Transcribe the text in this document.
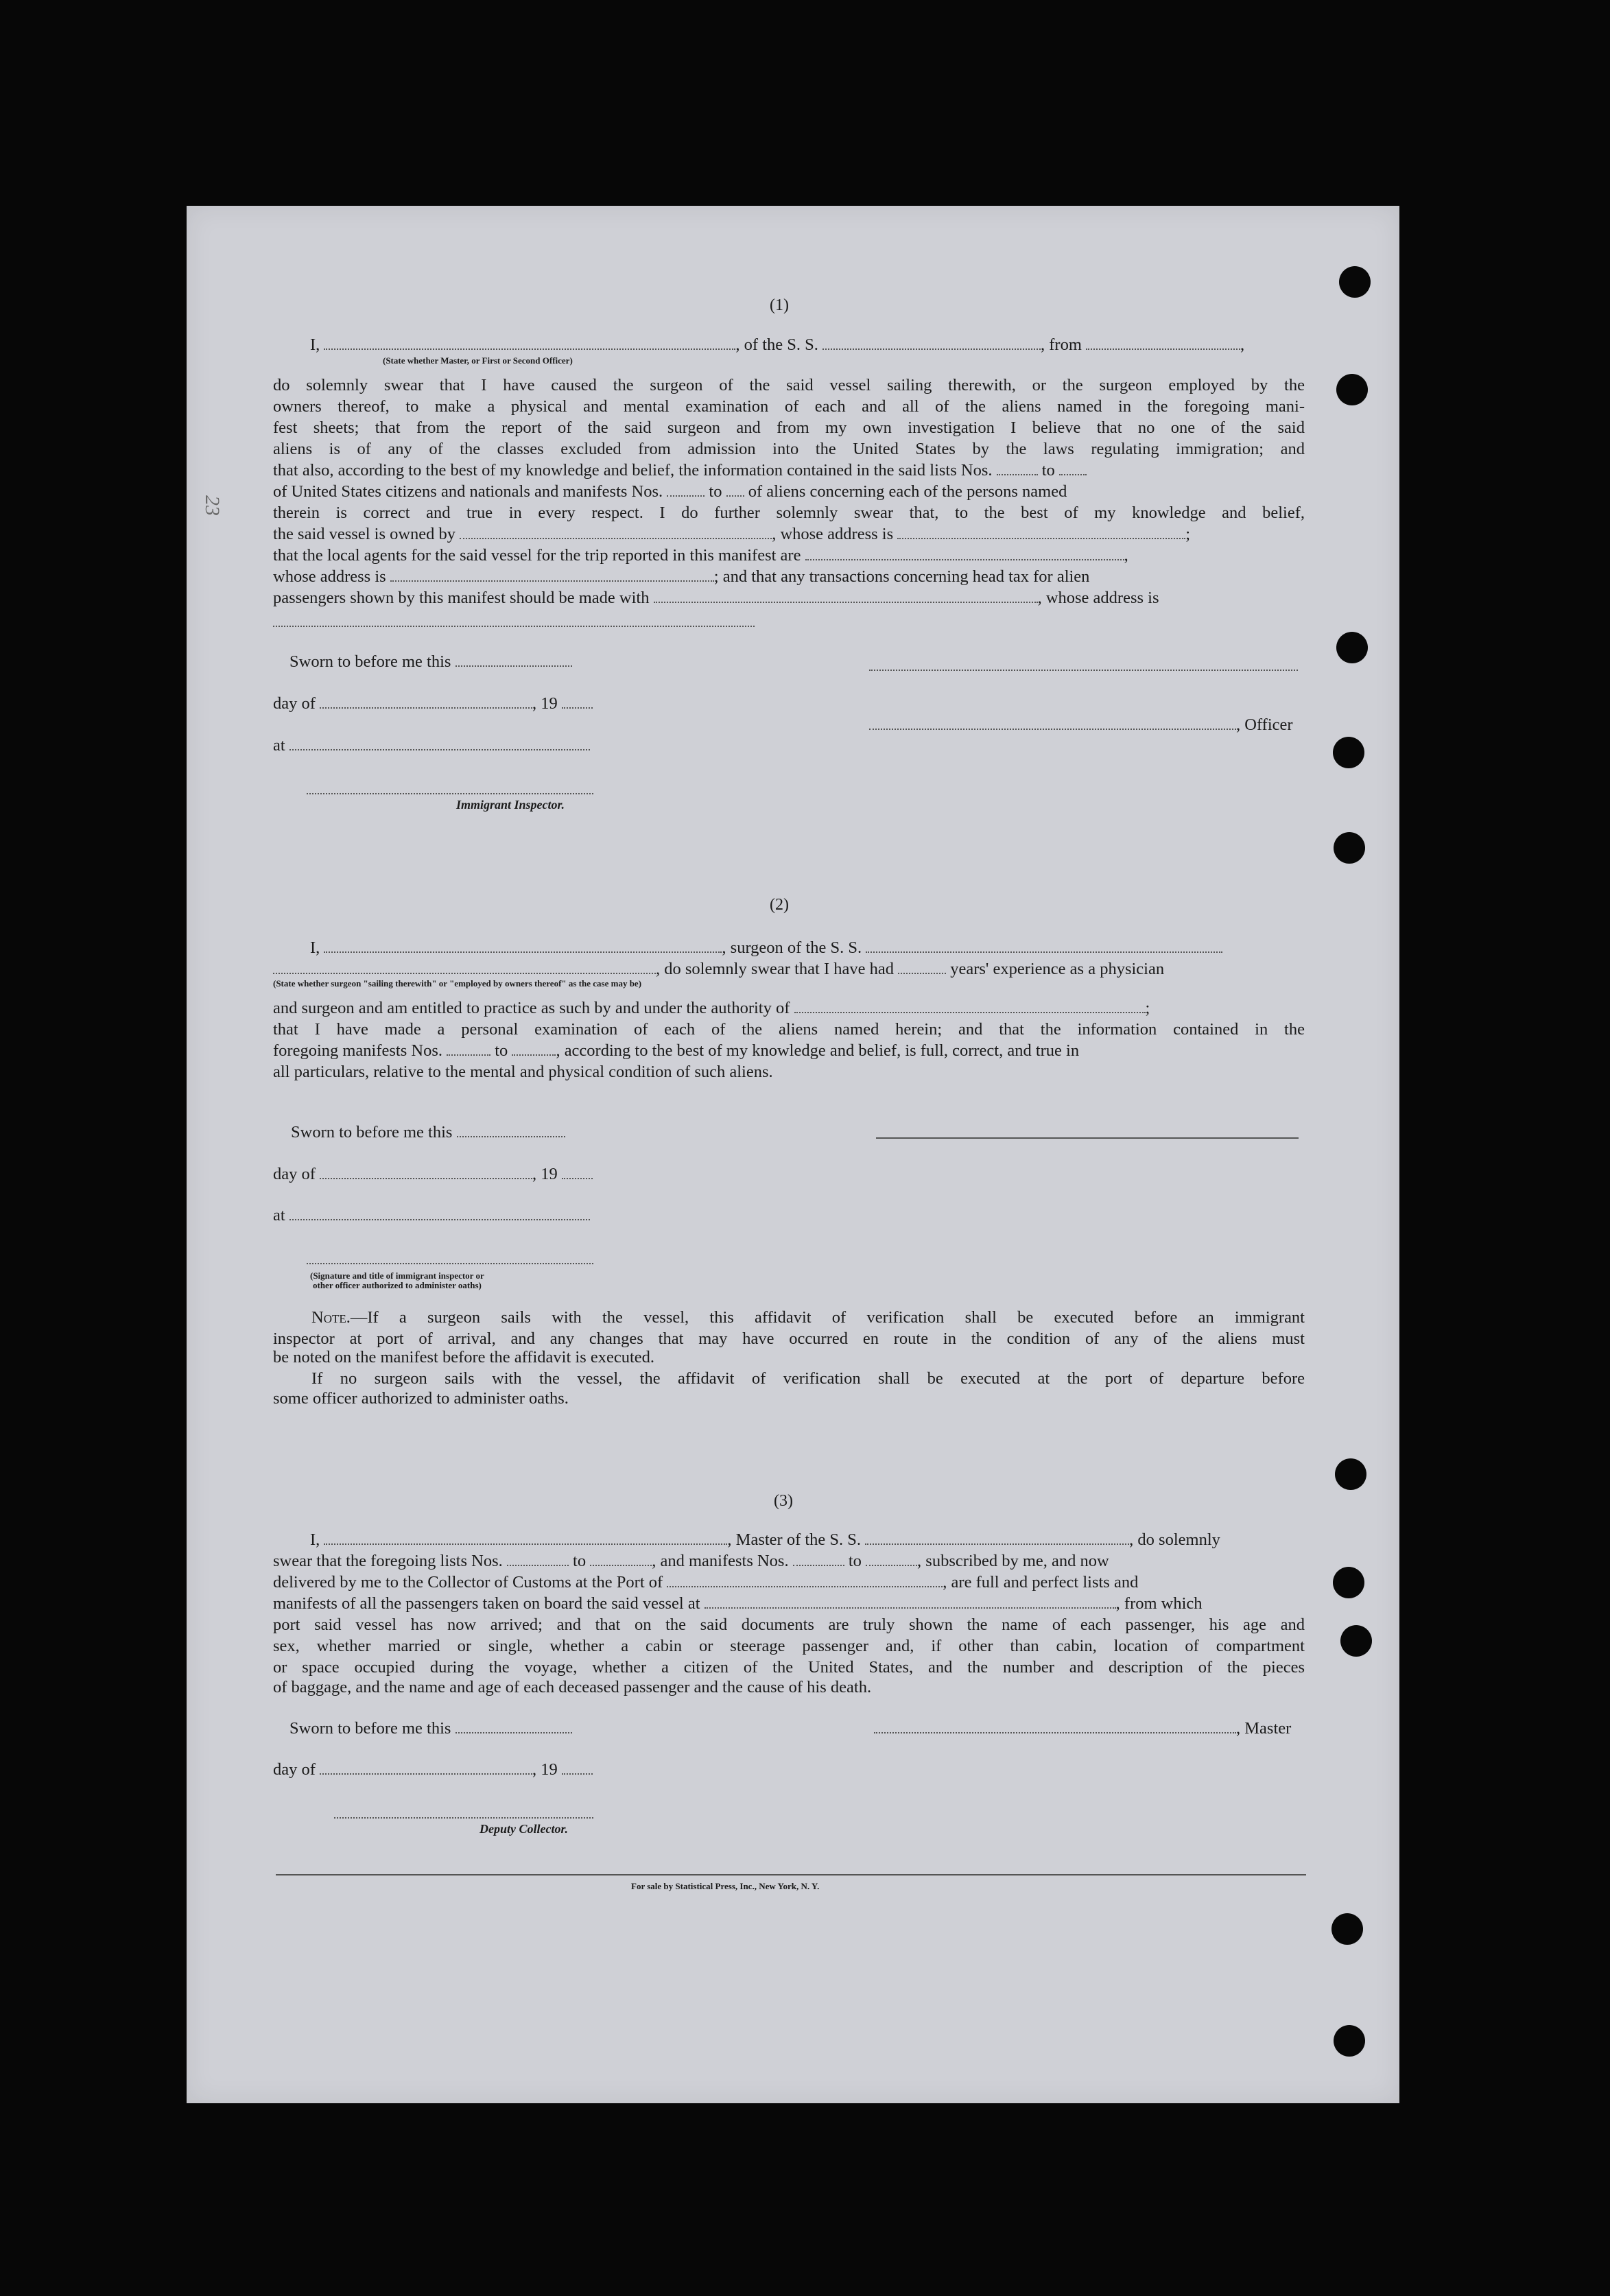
23
(1)
I,	, of the S. S.	, from	,
(State whether Master, or First or Second Officer)
do solemnly swear that I have caused the surgeon of the said vessel sailing therewith, or the surgeon employed by the
owners thereof, to make a physical and mental examination of each and all of the aliens named in the foregoing mani-
fest sheets; that from the report of the said surgeon and from my own investigation I believe that no one of the said
aliens is of any of the classes excluded from admission into the United States by the laws regulating immigration; and
that also, according to the best of my knowledge and belief, the information contained in the said lists Nos.	to
of United States citizens and nationals and manifests Nos.	to of aliens concerning each of the persons named
therein is correct and true in every respect. I do further solemnly swear that, to the best of my knowledge and belief,
the said vessel is owned by	, whose address is	;
that the local agents for the said vessel for the trip reported in this manifest are	,
whose address is	; and that any transactions concerning head tax for alien
passengers shown by this manifest should be made with	, whose address is
Sworn to before me this
day of	, 19
, Officer
at
Immigrant Inspector.
(2)
I,	, surgeon of the S. S.
, do solemnly swear that I have had	years' experience as a physician
(State whether surgeon "sailing therewith" or "employed by owners thereof" as the case may be)
and surgeon and am entitled to practice as such by and under the authority of	;
that I have made a personal examination of each of the aliens named herein; and that the information contained in the
foregoing manifests Nos.	to	, according to the best of my knowledge and belief, is full, correct, and true in
all particulars, relative to the mental and physical condition of such aliens.
Sworn to before me this
day of	, 19
at
(Signature and title of immigrant inspector or
other officer authorized to administer oaths)
Note.—If a surgeon sails with the vessel, this affidavit of verification shall be executed before an immigrant
inspector at port of arrival, and any changes that may have occurred en route in the condition of any of the aliens must
be noted on the manifest before the affidavit is executed.
If no surgeon sails with the vessel, the affidavit of verification shall be executed at the port of departure before
some officer authorized to administer oaths.
(3)
I,	, Master of the S. S.	, do solemnly
swear that the foregoing lists Nos.	to	, and manifests Nos.	to	, subscribed by me, and now
delivered by me to the Collector of Customs at the Port of	, are full and perfect lists and
manifests of all the passengers taken on board the said vessel at	, from which
port said vessel has now arrived; and that on the said documents are truly shown the name of each passenger, his age and
sex, whether married or single, whether a cabin or steerage passenger and, if other than cabin, location of compartment
or space occupied during the voyage, whether a citizen of the United States, and the number and description of the pieces
of baggage, and the name and age of each deceased passenger and the cause of his death.
Sworn to before me this	, Master
day of	, 19
Deputy Collector.
For sale by Statistical Press, Inc., New York, N. Y.
